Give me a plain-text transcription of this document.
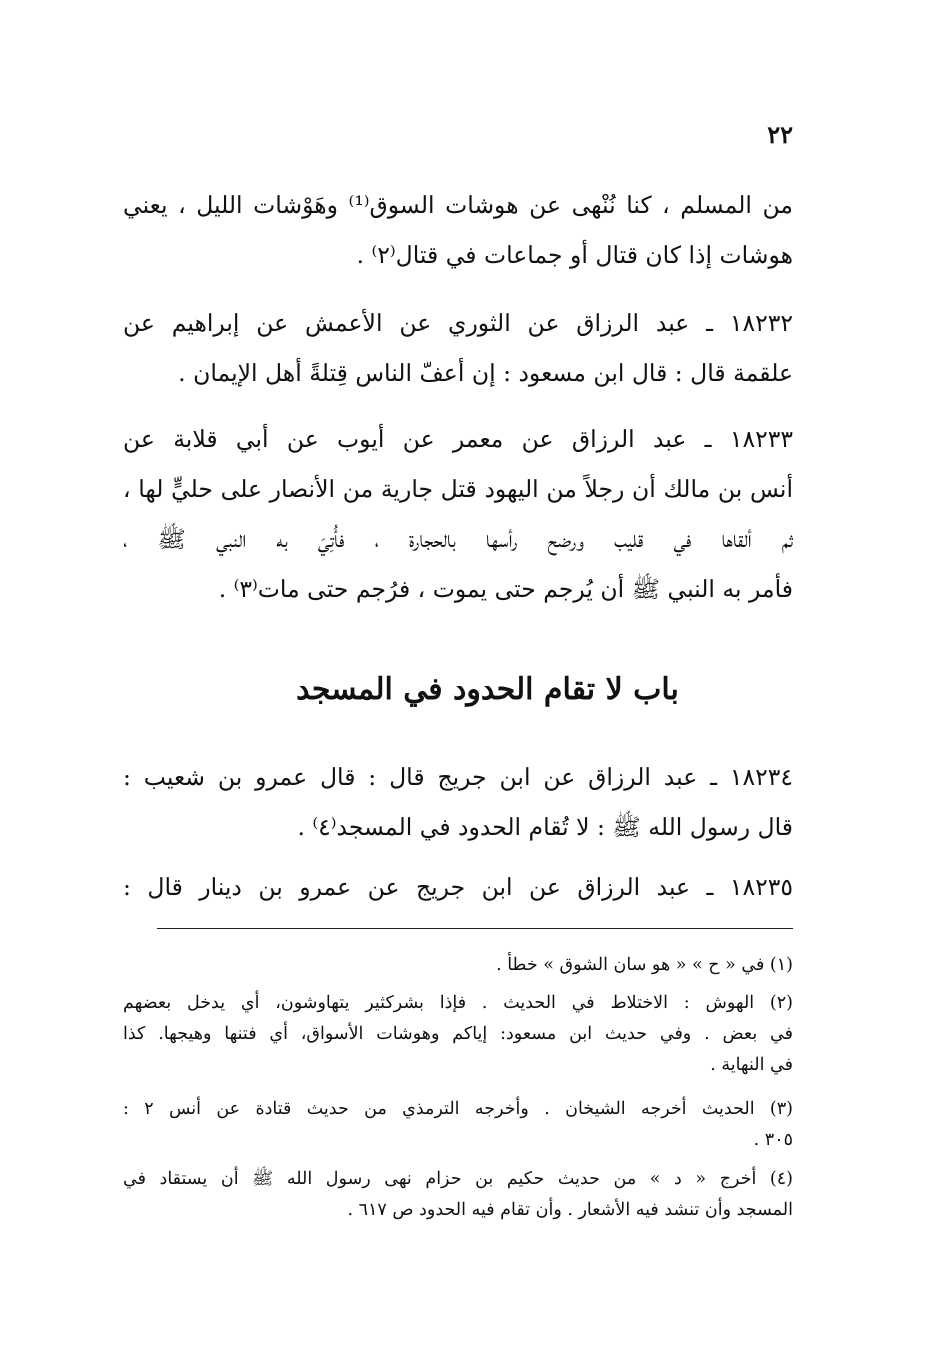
٢٢
من المسلم ، كنا نُنْهى عن هوشات السوق⁽¹⁾ وهَوْشات الليل ، يعني
هوشات إذا كان قتال أو جماعات في قتال⁽٢⁾ .
١٨٢٣٢ ـ عبد الرزاق عن الثوري عن الأعمش عن إبراهيم عن
علقمة قال : قال ابن مسعود : إن أعفّ الناس قِتلةً أهل الإيمان .
١٨٢٣٣ ـ عبد الرزاق عن معمر عن أيوب عن أبي قلابة عن
أنس بن مالك أن رجلاً من اليهود قتل جارية من الأنصار على حليٍّ لها ،
ثم ألقاها في قليب ورضح رأسها بالحجارة ، فأُتِيَ به النبي ﷺ ،
فأمر به النبي ﷺ أن يُرجم حتى يموت ، فرُجم حتى مات⁽٣⁾ .
باب لا تقام الحدود في المسجد
١٨٢٣٤ ـ عبد الرزاق عن ابن جريج قال : قال عمرو بن شعيب :
قال رسول الله ﷺ : لا تُقام الحدود في المسجد⁽٤⁾ .
١٨٢٣٥ ـ عبد الرزاق عن ابن جريج عن عمرو بن دينار قال :
(١) في « ح » « هو سان الشوق » خطأ .
(٢) الهوش : الاختلاط في الحديث . فإذا بشركثير يتهاوشون، أي يدخل بعضهم
في بعض . وفي حديث ابن مسعود: إياكم وهوشات الأسواق، أي فتنها وهيجها. كذا
في النهاية .
(٣) الحديث أخرجه الشيخان . وأخرجه الترمذي من حديث قتادة عن أنس ٢ :
٣٠٥ .
(٤) أخرج « د » من حديث حكيم بن حزام نهى رسول الله ﷺ أن يستقاد في
المسجد وأن تنشد فيه الأشعار . وأن تقام فيه الحدود ص ٦١٧ .
